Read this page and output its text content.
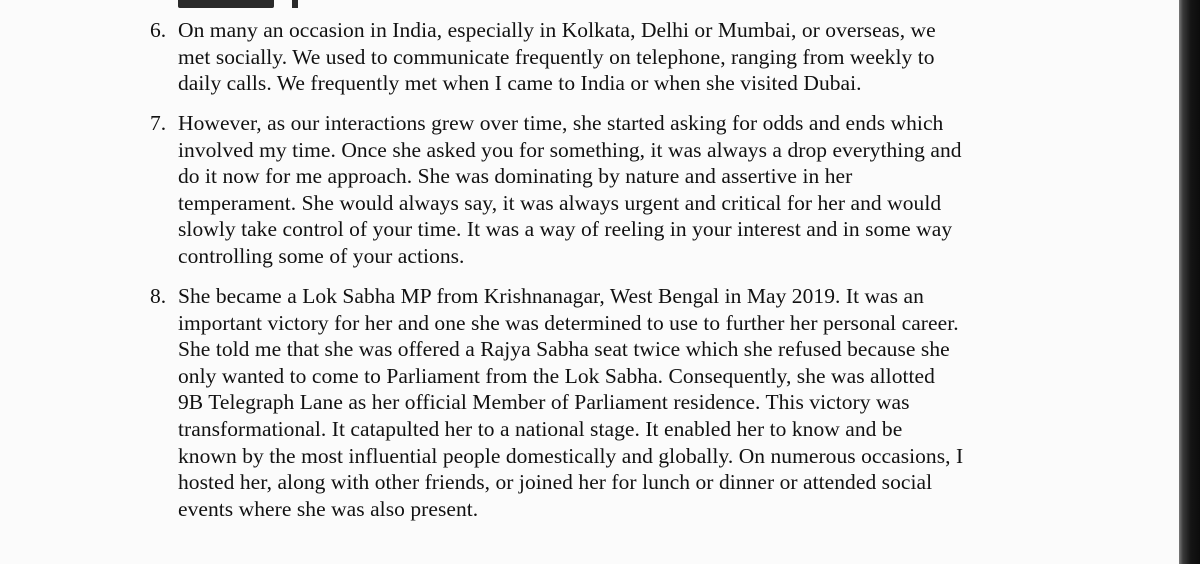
6. On many an occasion in India, especially in Kolkata, Delhi or Mumbai, or overseas, we
met socially. We used to communicate frequently on telephone, ranging from weekly to
daily calls. We frequently met when I came to India or when she visited Dubai.
7. However, as our interactions grew over time, she started asking for odds and ends which
involved my time. Once she asked you for something, it was always a drop everything and
do it now for me approach. She was dominating by nature and assertive in her
temperament. She would always say, it was always urgent and critical for her and would
slowly take control of your time. It was a way of reeling in your interest and in some way
controlling some of your actions.
8. She became a Lok Sabha MP from Krishnanagar, West Bengal in May 2019. It was an
important victory for her and one she was determined to use to further her personal career.
She told me that she was offered a Rajya Sabha seat twice which she refused because she
only wanted to come to Parliament from the Lok Sabha. Consequently, she was allotted
9B Telegraph Lane as her official Member of Parliament residence. This victory was
transformational. It catapulted her to a national stage. It enabled her to know and be
known by the most influential people domestically and globally. On numerous occasions, I
hosted her, along with other friends, or joined her for lunch or dinner or attended social
events where she was also present.
